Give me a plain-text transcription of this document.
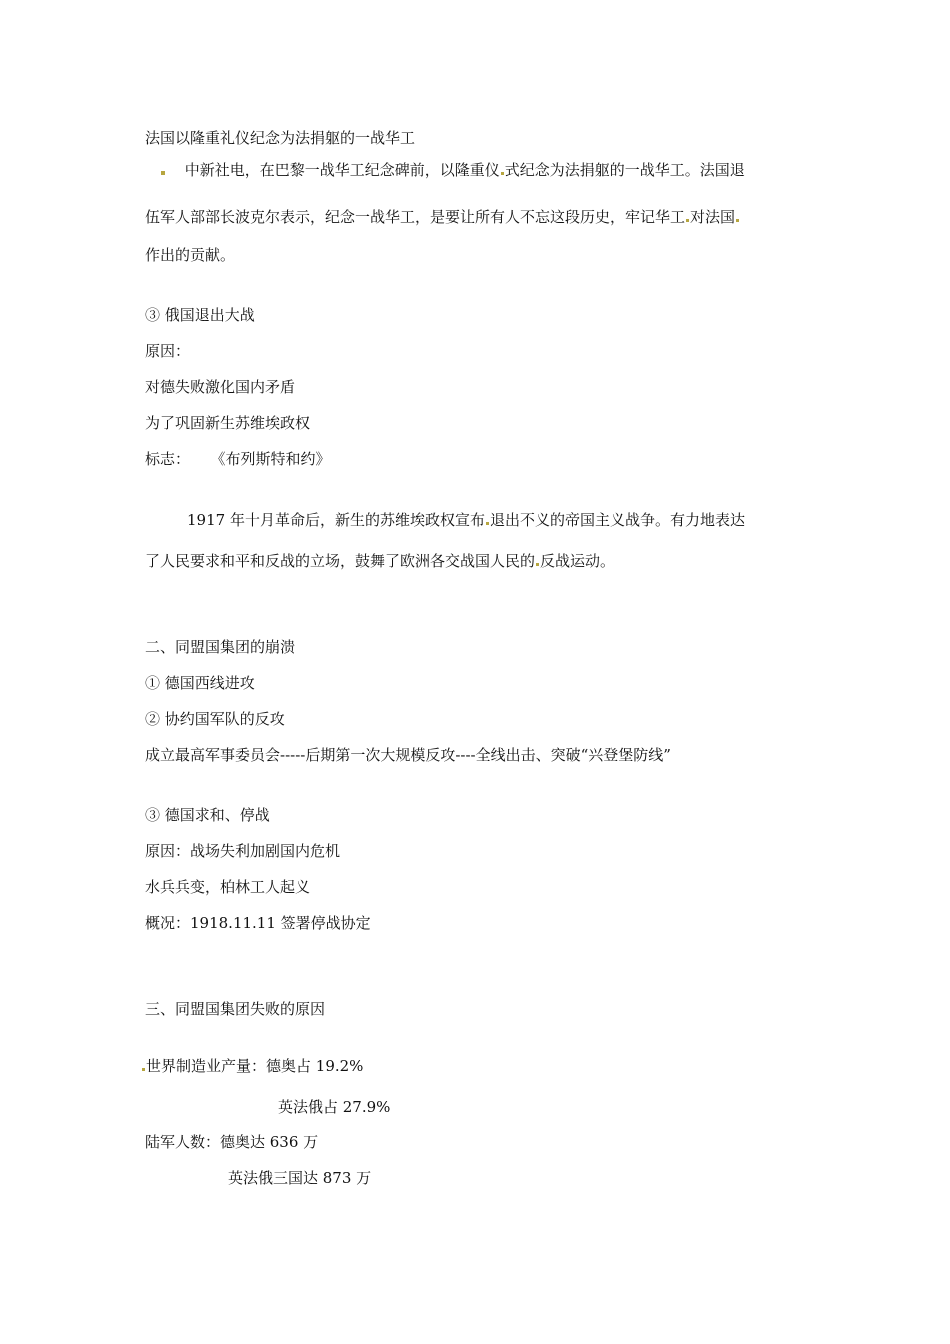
法国以隆重礼仪纪念为法捐躯的一战华工
中新社电，在巴黎一战华工纪念碑前，以隆重仪 式纪念为法捐躯的一战华工。法国退
伍军人部部长波克尔表示，纪念一战华工，是要让所有人不忘这段历史，牢记华工 对法国
作出的贡献。
③ 俄国退出大战
原因：
对德失败激化国内矛盾
为了巩固新生苏维埃政权
标志： 《布列斯特和约》
1917 年十月革命后，新生的苏维埃政权宣布 退出不义的帝国主义战争。有力地表达
了人民要求和平和反战的立场，鼓舞了欧洲各交战国人民的 反战运动。
二、同盟国集团的崩溃
① 德国西线进攻
② 协约国军队的反攻
成立最高军事委员会-----后期第一次大规模反攻----全线出击、突破“兴登堡防线”
③ 德国求和、停战
原因：战场失利加剧国内危机
水兵兵变，柏林工人起义
概况：1918.11.11 签署停战协定
三、同盟国集团失败的原因
世界制造业产量：德奥占 19.2%
英法俄占 27.9%
陆军人数：德奥达 636 万
英法俄三国达 873 万
